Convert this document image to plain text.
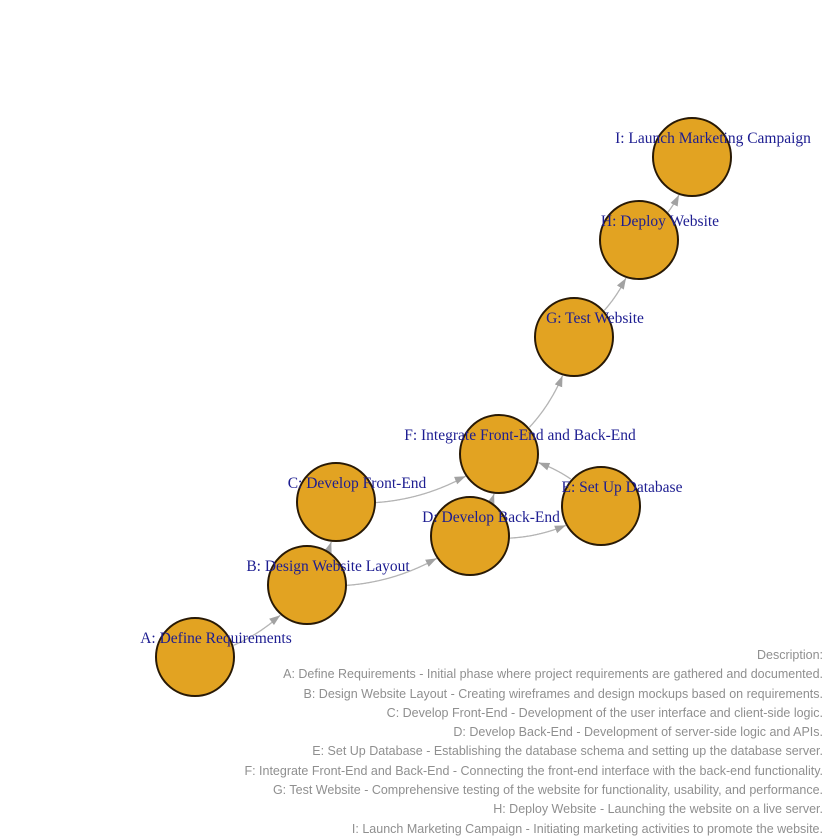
A: Define Requirements
B: Design Website Layout
C: Develop Front-End
D: Develop Back-End
E: Set Up Database
F: Integrate Front-End and Back-End
G: Test Website
H: Deploy Website
I: Launch Marketing Campaign
Description:
A: Define Requirements - Initial phase where project requirements are gathered and documented.
B: Design Website Layout - Creating wireframes and design mockups based on requirements.
C: Develop Front-End - Development of the user interface and client-side logic.
D: Develop Back-End - Development of server-side logic and APIs.
E: Set Up Database - Establishing the database schema and setting up the database server.
F: Integrate Front-End and Back-End - Connecting the front-end interface with the back-end functionality.
G: Test Website - Comprehensive testing of the website for functionality, usability, and performance.
H: Deploy Website - Launching the website on a live server.
I: Launch Marketing Campaign - Initiating marketing activities to promote the website.
